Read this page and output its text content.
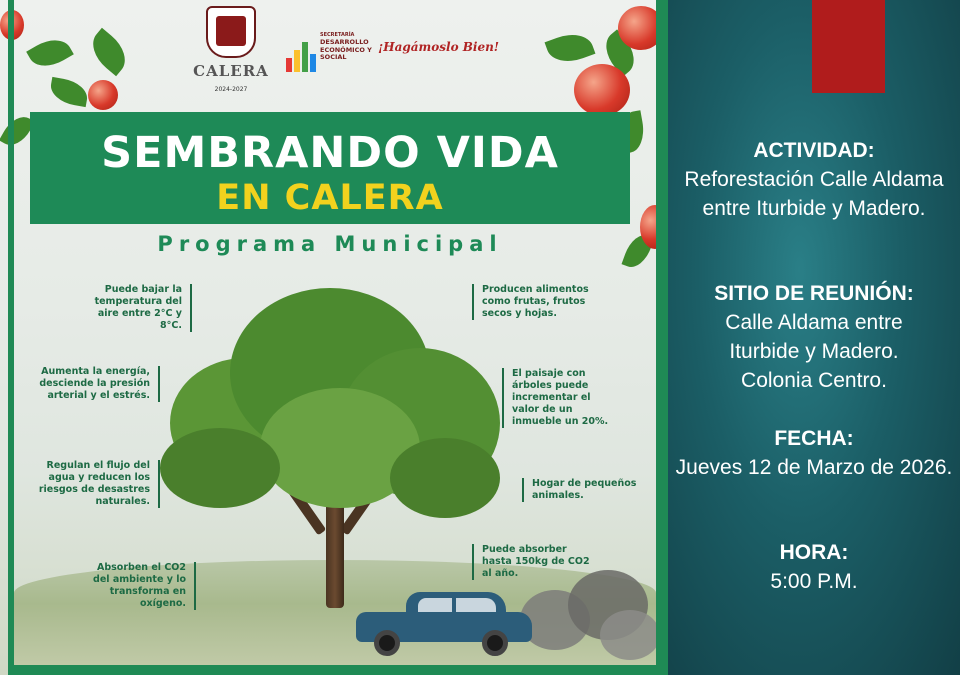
CALERA
2024-2027
SECRETARÍA
DESARROLLO ECONÓMICO Y SOCIAL
¡Hagámoslo Bien!
SEMBRANDO VIDA
EN CALERA
Programa Municipal
Puede bajar la temperatura del aire entre 2°C y 8°C.
Aumenta la energía, desciende la presión arterial y el estrés.
Regulan el flujo del agua y reducen los riesgos de desastres naturales.
Absorben el CO2 del ambiente y lo transforma en oxígeno.
Producen alimentos como frutas, frutos secos y hojas.
El paisaje con árboles puede incrementar el valor de un inmueble un 20%.
Hogar de pequeños animales.
Puede absorber hasta 150kg de CO2 al año.
ACTIVIDAD:
Reforestación Calle Aldama entre Iturbide y Madero.
SITIO DE REUNIÓN:
Calle Aldama entre Iturbide y Madero. Colonia Centro.
FECHA:
Jueves 12 de Marzo de 2026.
HORA:
5:00 P.M.
